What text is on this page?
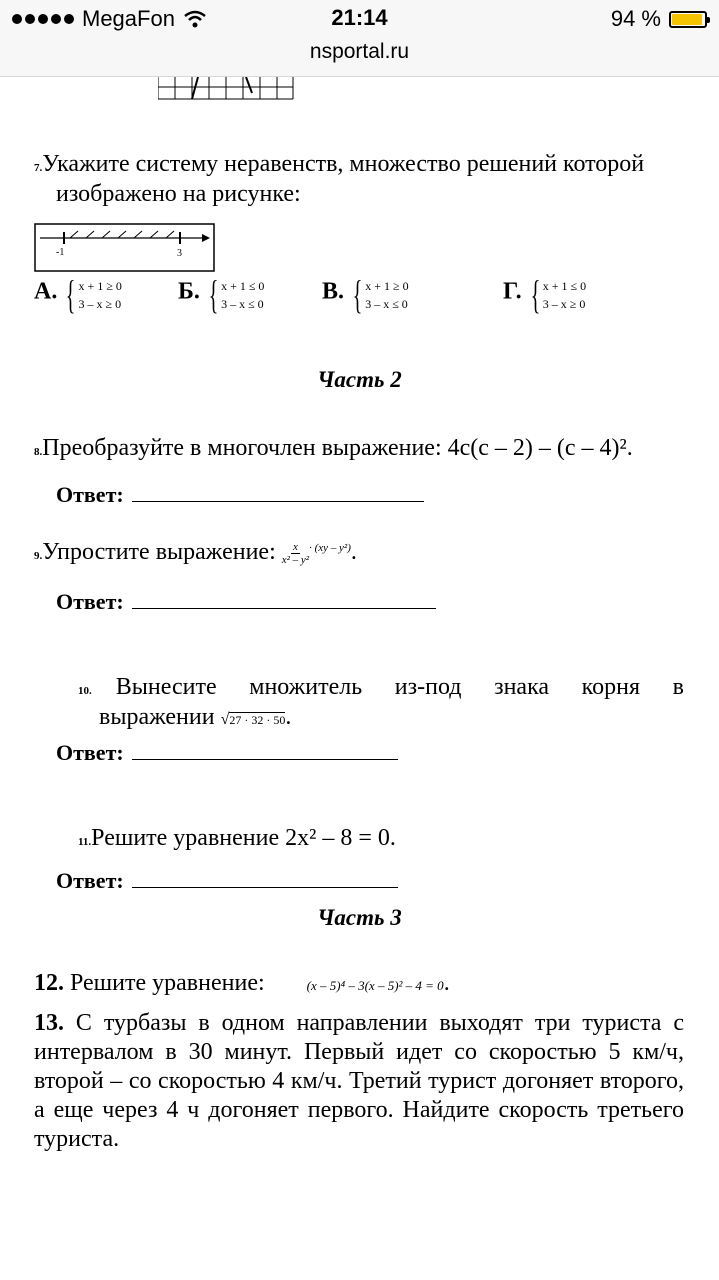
MegaFon	21:14	94 %
nsportal.ru
7.Укажите систему неравенств, множество решений которой
изображено на рисунке:
-1	3
А. { x + 1 ≥ 0
3 – x ≥ 0 Б. { x + 1 ≤ 0
3 – x ≤ 0 В. { x + 1 ≥ 0
3 – x ≤ 0	Г. { x + 1 ≤ 0
3 – x ≥ 0
Часть 2
8.Преобразуйте в многочлен выражение: 4c(c – 2) – (c – 4)².
Ответ:
9.Упростите выражение: $\frac{x}{\text{x² – y²}} ^{\cdot (xy - y^2)}$.
Ответ:
10. Вынесите множитель из-под знака корня в
выражении √27 · 32 · 50.
Ответ:
11.Решите уравнение 2x² – 8 = 0.
Ответ:
Часть 3
12. Решите уравнение:	(x – 5)⁴ – 3(x – 5)² – 4 = 0.
13. С турбазы в одном направлении выходят три туриста с интервалом в 30 минут. Первый идет со скоростью 5 км/ч, второй – со скоростью 4 км/ч. Третий турист догоняет второго, а еще через 4 ч догоняет первого. Найдите скорость третьего туриста.
